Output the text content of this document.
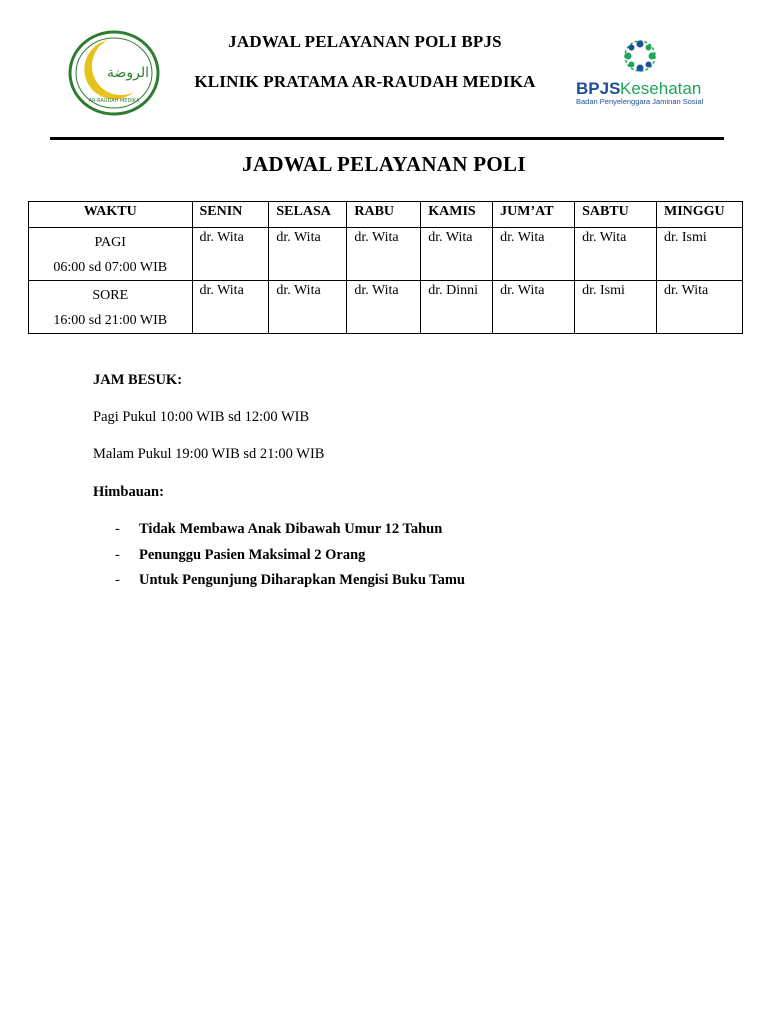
الروضة
AR-RAUDAH MEDIKA
JADWAL PELAYANAN POLI BPJS
KLINIK PRATAMA AR-RAUDAH MEDIKA	BPJS Kesehatan
Badan Penyelenggara Jaminan Sosial
JADWAL PELAYANAN POLI
WAKTU	SENIN	SELASA	RABU	KAMIS	JUM’AT	SABTU	MINGGU

PAGI
06:00 sd 07:00 WIB	dr. Wita	dr. Wita	dr. Wita	dr. Wita	dr. Wita	dr. Wita	dr. Ismi

SORE
16:00 sd 21:00 WIB	dr. Wita	dr. Wita	dr. Wita	dr. Dinni	dr. Wita	dr. Ismi	dr. Wita

JAM BESUK:

Pagi Pukul 10:00 WIB sd 12:00 WIB

Malam Pukul 19:00 WIB sd 21:00 WIB

Himbauan:

- Tidak Membawa Anak Dibawah Umur 12 Tahun
- Penunggu Pasien Maksimal 2 Orang
- Untuk Pengunjung Diharapkan Mengisi Buku Tamu
